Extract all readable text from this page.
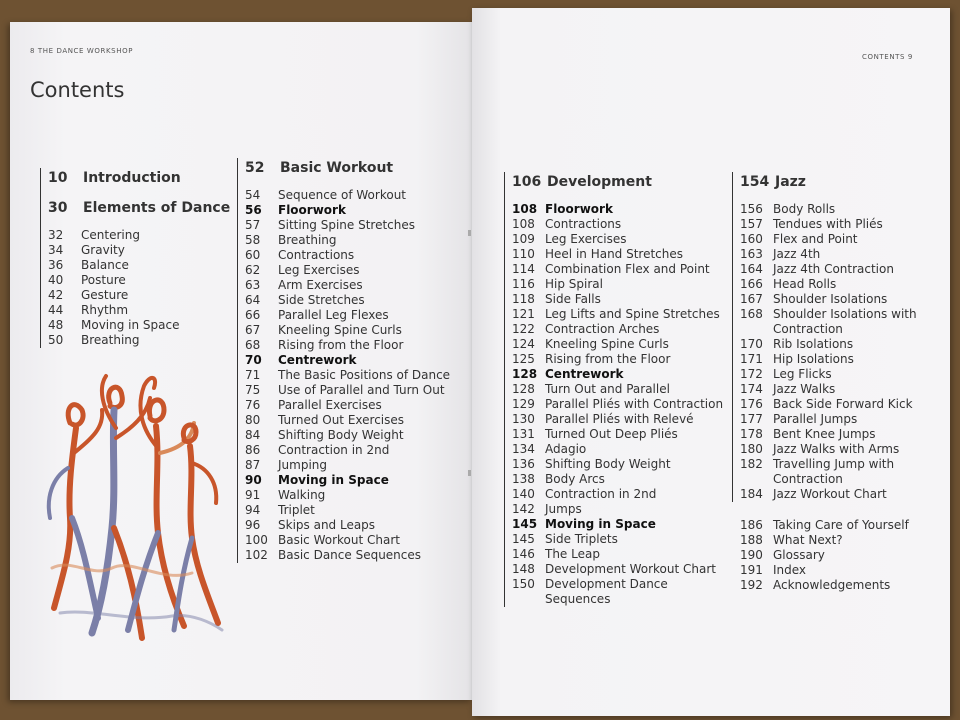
8 THE DANCE WORKSHOP
CONTENTS 9
Contents
10	Introduction
30	Elements of Dance
32	Centering
34	Gravity
36	Balance
40	Posture
42	Gesture
44	Rhythm
48	Moving in Space
50	Breathing
52	Basic Workout
54	Sequence of Workout
56	Floorwork
57	Sitting Spine Stretches
58	Breathing
60	Contractions
62	Leg Exercises
63	Arm Exercises
64	Side Stretches
66	Parallel Leg Flexes
67	Kneeling Spine Curls
68	Rising from the Floor
70	Centrework
71	The Basic Positions of Dance
75	Use of Parallel and Turn Out
76	Parallel Exercises
80	Turned Out Exercises
84	Shifting Body Weight
86	Contraction in 2nd
87	Jumping
90	Moving in Space
91	Walking
94	Triplet
96	Skips and Leaps
100 Basic Workout Chart
102 Basic Dance Sequences
106 Development
108 Floorwork
108 Contractions
109 Leg Exercises
110 Heel in Hand Stretches
114 Combination Flex and Point
116 Hip Spiral
118 Side Falls
121 Leg Lifts and Spine Stretches
122 Contraction Arches
124 Kneeling Spine Curls
125 Rising from the Floor
128 Centrework
128 Turn Out and Parallel
129 Parallel Pliés with Contraction
130 Parallel Pliés with Relevé
131 Turned Out Deep Pliés
134 Adagio
136 Shifting Body Weight
138 Body Arcs
140 Contraction in 2nd
142 Jumps
145 Moving in Space
145 Side Triplets
146 The Leap
148 Development Workout Chart
150 Development Dance
Sequences
154 Jazz
156 Body Rolls
157 Tendues with Pliés
160 Flex and Point
163 Jazz 4th
164 Jazz 4th Contraction
166 Head Rolls
167 Shoulder Isolations
168 Shoulder Isolations with
Contraction
170 Rib Isolations
171 Hip Isolations
172 Leg Flicks
174 Jazz Walks
176 Back Side Forward Kick
177 Parallel Jumps
178 Bent Knee Jumps
180 Jazz Walks with Arms
182 Travelling Jump with
Contraction
184 Jazz Workout Chart
186 Taking Care of Yourself
188 What Next?
190 Glossary
191 Index
192 Acknowledgements
